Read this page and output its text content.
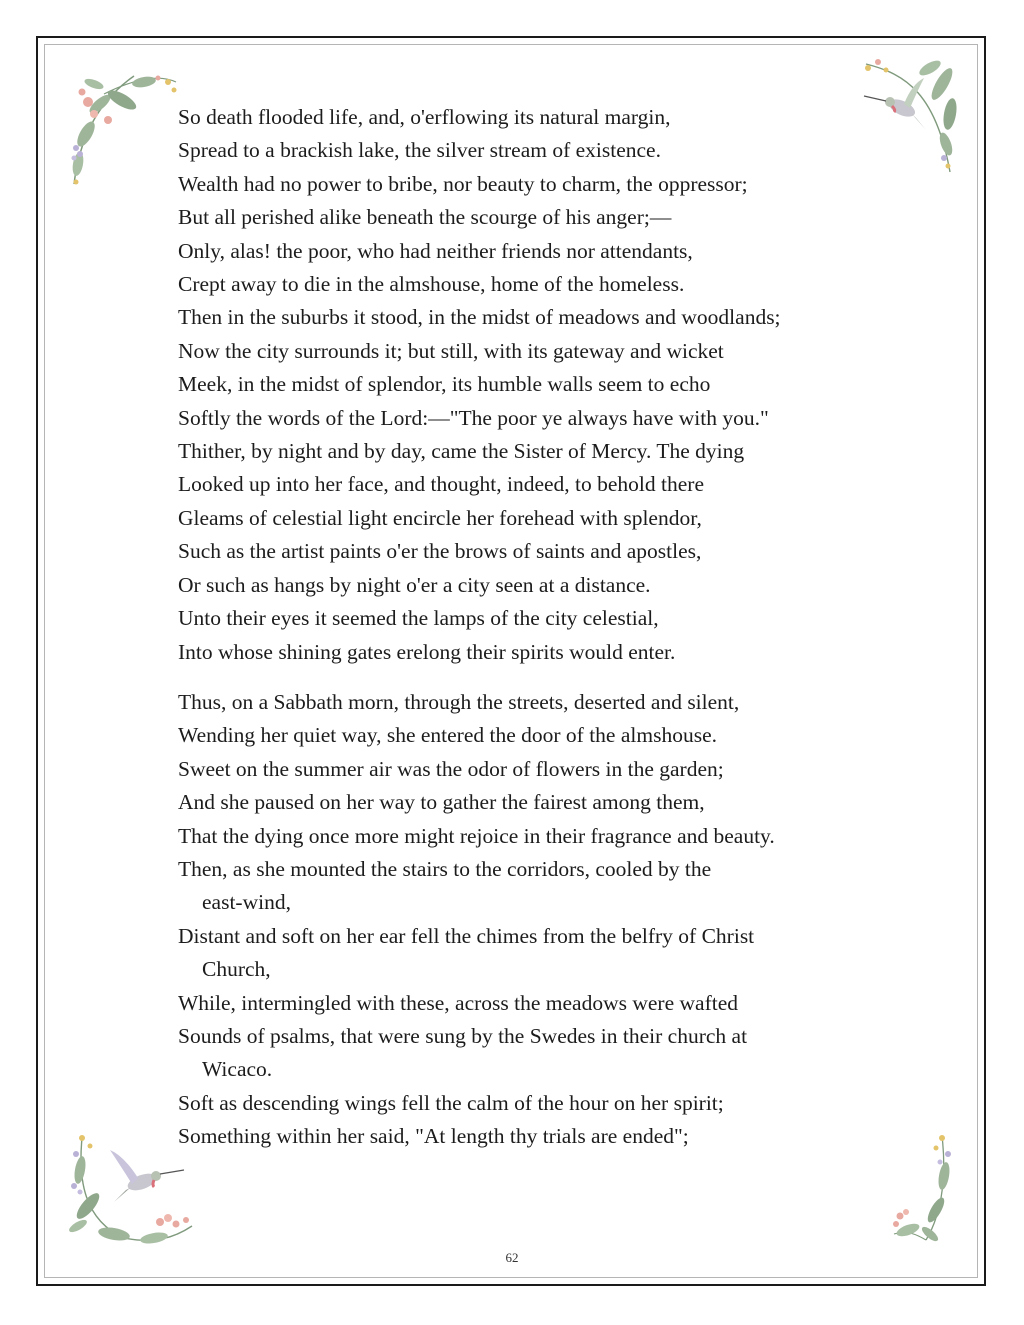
So death flooded life, and, o'erflowing its natural margin,
Spread to a brackish lake, the silver stream of existence.
Wealth had no power to bribe, nor beauty to charm, the oppressor;
But all perished alike beneath the scourge of his anger;—
Only, alas! the poor, who had neither friends nor attendants,
Crept away to die in the almshouse, home of the homeless.
Then in the suburbs it stood, in the midst of meadows and woodlands;
Now the city surrounds it; but still, with its gateway and wicket
Meek, in the midst of splendor, its humble walls seem to echo
Softly the words of the Lord:—"The poor ye always have with you."
Thither, by night and by day, came the Sister of Mercy. The dying
Looked up into her face, and thought, indeed, to behold there
Gleams of celestial light encircle her forehead with splendor,
Such as the artist paints o'er the brows of saints and apostles,
Or such as hangs by night o'er a city seen at a distance.
Unto their eyes it seemed the lamps of the city celestial,
Into whose shining gates erelong their spirits would enter.
Thus, on a Sabbath morn, through the streets, deserted and silent,
Wending her quiet way, she entered the door of the almshouse.
Sweet on the summer air was the odor of flowers in the garden;
And she paused on her way to gather the fairest among them,
That the dying once more might rejoice in their fragrance and beauty.
Then, as she mounted the stairs to the corridors, cooled by the
east-wind,
Distant and soft on her ear fell the chimes from the belfry of Christ
Church,
While, intermingled with these, across the meadows were wafted
Sounds of psalms, that were sung by the Swedes in their church at
Wicaco.
Soft as descending wings fell the calm of the hour on her spirit;
Something within her said, "At length thy trials are ended";
62
